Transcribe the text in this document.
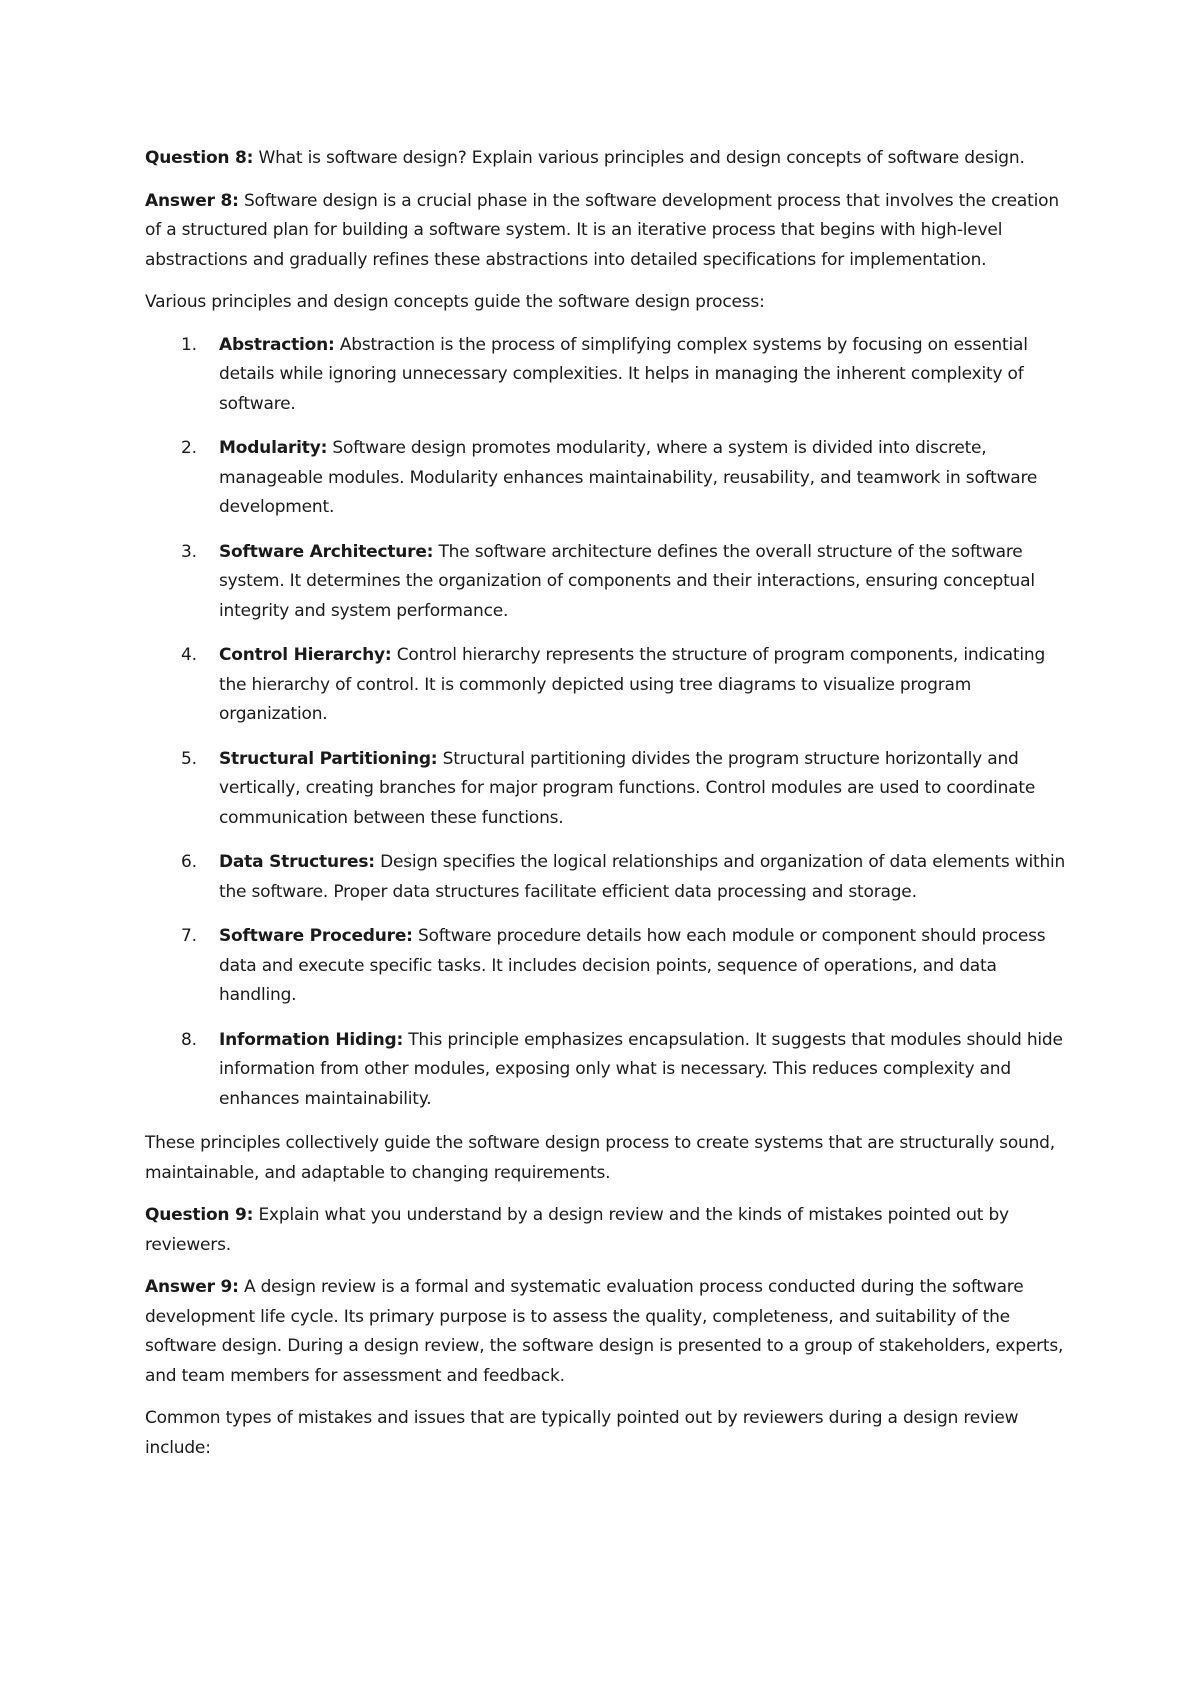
Question 8: What is software design? Explain various principles and design concepts of software design.

Answer 8: Software design is a crucial phase in the software development process that involves the creation of a structured plan for building a software system. It is an iterative process that begins with high-level abstractions and gradually refines these abstractions into detailed specifications for implementation.

Various principles and design concepts guide the software design process:

1. Abstraction: Abstraction is the process of simplifying complex systems by focusing on essential details while ignoring unnecessary complexities. It helps in managing the inherent complexity of software.
2. Modularity: Software design promotes modularity, where a system is divided into discrete, manageable modules. Modularity enhances maintainability, reusability, and teamwork in software development.
3. Software Architecture: The software architecture defines the overall structure of the software system. It determines the organization of components and their interactions, ensuring conceptual integrity and system performance.
4. Control Hierarchy: Control hierarchy represents the structure of program components, indicating the hierarchy of control. It is commonly depicted using tree diagrams to visualize program organization.
5. Structural Partitioning: Structural partitioning divides the program structure horizontally and vertically, creating branches for major program functions. Control modules are used to coordinate communication between these functions.
6. Data Structures: Design specifies the logical relationships and organization of data elements within the software. Proper data structures facilitate efficient data processing and storage.
7. Software Procedure: Software procedure details how each module or component should process data and execute specific tasks. It includes decision points, sequence of operations, and data handling.
8. Information Hiding: This principle emphasizes encapsulation. It suggests that modules should hide information from other modules, exposing only what is necessary. This reduces complexity and enhances maintainability.

These principles collectively guide the software design process to create systems that are structurally sound, maintainable, and adaptable to changing requirements.

Question 9: Explain what you understand by a design review and the kinds of mistakes pointed out by reviewers.

Answer 9: A design review is a formal and systematic evaluation process conducted during the software development life cycle. Its primary purpose is to assess the quality, completeness, and suitability of the software design. During a design review, the software design is presented to a group of stakeholders, experts, and team members for assessment and feedback.

Common types of mistakes and issues that are typically pointed out by reviewers during a design review include:
